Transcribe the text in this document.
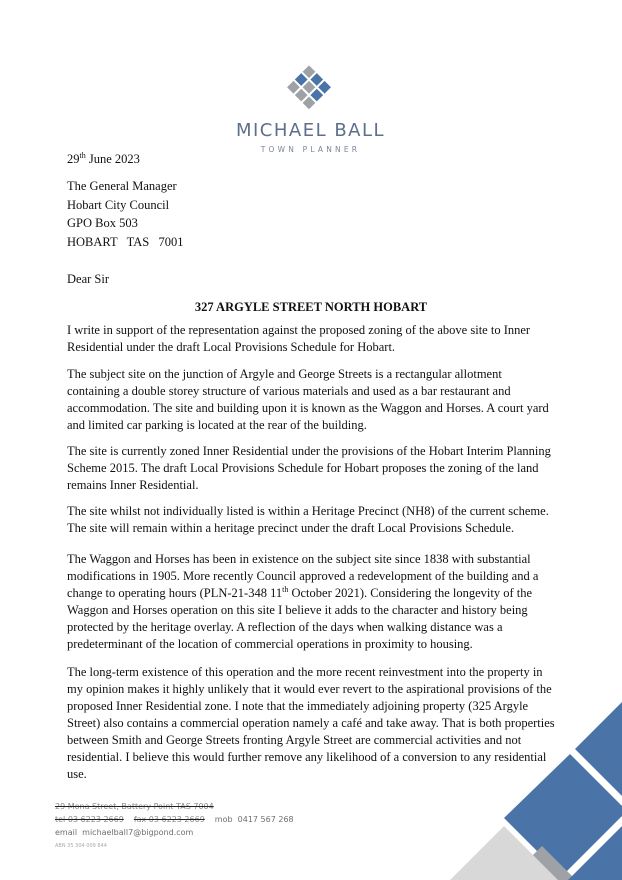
MICHAEL BALL
TOWN PLANNER
29th June 2023
The General Manager
Hobart City Council
GPO Box 503
HOBART   TAS   7001
Dear Sir
327 ARGYLE STREET NORTH HOBART

I write in support of the representation against the proposed zoning of the above site to Inner Residential under the draft Local Provisions Schedule for Hobart.

The subject site on the junction of Argyle and George Streets is a rectangular allotment containing a double storey structure of various materials and used as a bar restaurant and accommodation. The site and building upon it is known as the Waggon and Horses. A court yard and limited car parking is located at the rear of the building.

The site is currently zoned Inner Residential under the provisions of the Hobart Interim Planning Scheme 2015. The draft Local Provisions Schedule for Hobart proposes the zoning of the land remains Inner Residential.

The site whilst not individually listed is within a Heritage Precinct (NH8) of the current scheme. The site will remain within a heritage precinct under the draft Local Provisions Schedule.

The Waggon and Horses has been in existence on the subject site since 1838 with substantial modifications in 1905. More recently Council approved a redevelopment of the building and a change to operating hours (PLN-21-348 11th October 2021). Considering the longevity of the Waggon and Horses operation on this site I believe it adds to the character and history being protected by the heritage overlay. A reflection of the days when walking distance was a predeterminant of the location of commercial operations in proximity to housing.

The long-term existence of this operation and the more recent reinvestment into the property in my opinion makes it highly unlikely that it would ever revert to the aspirational provisions of the proposed Inner Residential zone. I note that the immediately adjoining property (325 Argyle Street) also contains a commercial operation namely a café and take away. That is both properties between Smith and George Streets fronting Argyle Street are commercial activities and not residential. I believe this would further remove any likelihood of a conversion to any residential use.

29 Mona Street, Battery Point TAS 7004
tel 03 6223 2669 fax 03 6223 2669 mob  0417 567 268
email  michaelball7@bigpond.com
ABN 35 304 009 844
